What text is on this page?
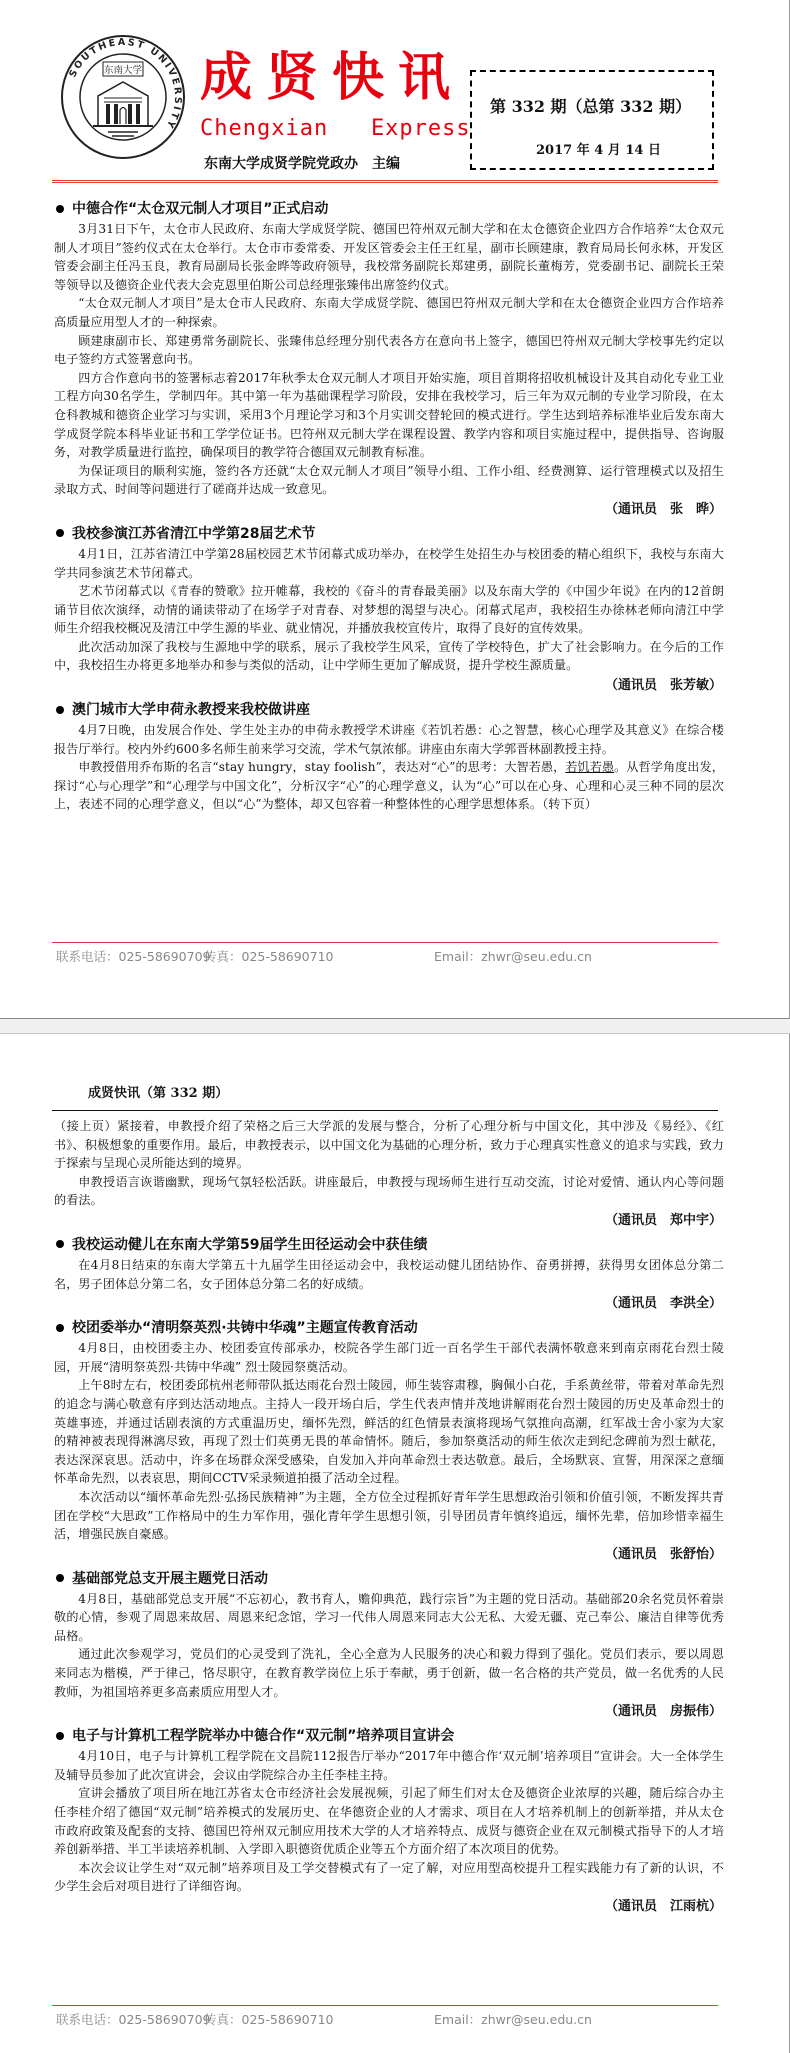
SOUTHEAST UNIVERSITY
东南大学 成贤快讯
Chengxian   Express
东南大学成贤学院党政办　主编
第 332 期（总第 332 期）
2017 年 4 月 14 日
中德合作“太仓双元制人才项目”正式启动

3月31日下午，太仓市人民政府、东南大学成贤学院、德国巴符州双元制大学和在太仓德资企业四方合作培养“太仓双元制人才项目”签约仪式在太仓举行。太仓市市委常委、开发区管委会主任王红星，副市长顾建康，教育局局长何永林，开发区管委会副主任冯玉良，教育局副局长张金晔等政府领导，我校常务副院长郑建勇，副院长董梅芳，党委副书记、副院长王荣等领导以及德资企业代表大会克恩里伯斯公司总经理张臻伟出席签约仪式。

“太仓双元制人才项目”是太仓市人民政府、东南大学成贤学院、德国巴符州双元制大学和在太仓德资企业四方合作培养高质量应用型人才的一种探索。

顾建康副市长、郑建勇常务副院长、张臻伟总经理分别代表各方在意向书上签字，德国巴符州双元制大学校事先约定以电子签约方式签署意向书。

四方合作意向书的签署标志着2017年秋季太仓双元制人才项目开始实施，项目首期将招收机械设计及其自动化专业工业工程方向30名学生，学制四年。其中第一年为基础课程学习阶段，安排在我校学习，后三年为双元制的专业学习阶段，在太仓科教城和德资企业学习与实训，采用3个月理论学习和3个月实训交替轮回的模式进行。学生达到培养标准毕业后发东南大学成贤学院本科毕业证书和工学学位证书。巴符州双元制大学在课程设置、教学内容和项目实施过程中，提供指导、咨询服务，对教学质量进行监控，确保项目的教学符合德国双元制教育标准。

为保证项目的顺利实施，签约各方还就“太仓双元制人才项目”领导小组、工作小组、经费测算、运行管理模式以及招生录取方式、时间等问题进行了磋商并达成一致意见。

（通讯员　张　晔）
我校参演江苏省清江中学第28届艺术节

4月1日，江苏省清江中学第28届校园艺术节闭幕式成功举办，在校学生处招生办与校团委的精心组织下，我校与东南大学共同参演艺术节闭幕式。

艺术节闭幕式以《青春的赞歌》拉开帷幕，我校的《奋斗的青春最美丽》以及东南大学的《中国少年说》在内的12首朗诵节目依次演绎，动情的诵读带动了在场学子对青春、对梦想的渴望与决心。闭幕式尾声，我校招生办徐林老师向清江中学师生介绍我校概况及清江中学生源的毕业、就业情况，并播放我校宣传片，取得了良好的宣传效果。

此次活动加深了我校与生源地中学的联系，展示了我校学生风采，宣传了学校特色，扩大了社会影响力。在今后的工作中，我校招生办将更多地举办和参与类似的活动，让中学师生更加了解成贤，提升学校生源质量。

（通讯员　张芳敏）
澳门城市大学申荷永教授来我校做讲座

4月7日晚，由发展合作处、学生处主办的申荷永教授学术讲座《若饥若愚：心之智慧，核心心理学及其意义》在综合楼报告厅举行。校内外约600多名师生前来学习交流，学术气氛浓郁。讲座由东南大学郭晋林副教授主持。

申教授借用乔布斯的名言“stay hungry，stay foolish”，表达对“心”的思考：大智若愚，若饥若愚。从哲学角度出发，探讨“心与心理学”和“心理学与中国文化”，分析汉字“心”的心理学意义，认为“心”可以在心身、心理和心灵三种不同的层次上，表述不同的心理学意义，但以“心”为整体，却又包容着一种整体性的心理学思想体系。（转下页）

联系电话：025-58690709传真：025-58690710	Email：zhwr@seu.edu.cn
成贤快讯（第 332 期）

（接上页）紧接着，申教授介绍了荣格之后三大学派的发展与整合，分析了心理分析与中国文化，其中涉及《易经》、《红书》、积极想象的重要作用。最后，申教授表示，以中国文化为基础的心理分析，致力于心理真实性意义的追求与实践，致力于探索与呈现心灵所能达到的境界。

申教授语言诙谐幽默，现场气氛轻松活跃。讲座最后，申教授与现场师生进行互动交流，讨论对爱情、通认内心等问题的看法。

（通讯员　郑中宇）
我校运动健儿在东南大学第59届学生田径运动会中获佳绩

在4月8日结束的东南大学第五十九届学生田径运动会中，我校运动健儿团结协作、奋勇拼搏，获得男女团体总分第二名，男子团体总分第二名，女子团体总分第二名的好成绩。

（通讯员　李洪全）
校团委举办“清明祭英烈·共铸中华魂”主题宣传教育活动

4月8日，由校团委主办、校团委宣传部承办，校院各学生部门近一百名学生干部代表满怀敬意来到南京雨花台烈士陵园，开展“清明祭英烈·共铸中华魂” 烈士陵园祭奠活动。

上午8时左右，校团委邱杭州老师带队抵达雨花台烈士陵园，师生装容肃穆，胸佩小白花，手系黄丝带，带着对革命先烈的追念与满心敬意有序到达活动地点。主持人一段开场白后，学生代表声情并茂地讲解雨花台烈士陵园的历史及革命烈士的英雄事迹，并通过话剧表演的方式重温历史，缅怀先烈，鲜活的红色情景表演将现场气氛推向高潮，红军战士舍小家为大家的精神被表现得淋漓尽致，再现了烈士们英勇无畏的革命情怀。随后，参加祭奠活动的师生依次走到纪念碑前为烈士献花，表达深深哀思。活动中，许多在场群众深受感染，自发加入并向革命烈士表达敬意。最后，全场默哀、宣誓，用深深之意缅怀革命先烈，以表哀思，期间CCTV采录频道拍摄了活动全过程。

本次活动以“缅怀革命先烈·弘扬民族精神”为主题，全方位全过程抓好青年学生思想政治引领和价值引领，不断发挥共青团在学校“大思政”工作格局中的生力军作用，强化青年学生思想引领，引导团员青年慎终追远，缅怀先辈，倍加珍惜幸福生活，增强民族自豪感。

（通讯员　张舒怡）
基础部党总支开展主题党日活动

4月8日，基础部党总支开展“不忘初心，教书育人，赡仰典范，践行宗旨”为主题的党日活动。基础部20余名党员怀着崇敬的心情，参观了周恩来故居、周恩来纪念馆，学习一代伟人周恩来同志大公无私、大爱无疆、克己奉公、廉洁自律等优秀品格。

通过此次参观学习，党员们的心灵受到了洗礼，全心全意为人民服务的决心和毅力得到了强化。党员们表示，要以周恩来同志为楷模，严于律己，恪尽职守，在教育教学岗位上乐于奉献，勇于创新，做一名合格的共产党员，做一名优秀的人民教师，为祖国培养更多高素质应用型人才。

（通讯员　房振伟）
电子与计算机工程学院举办中德合作“双元制”培养项目宣讲会

4月10日，电子与计算机工程学院在文昌院112报告厅举办“2017年中德合作‘双元制’培养项目”宣讲会。大一全体学生及辅导员参加了此次宣讲会，会议由学院综合办主任李桂主持。

宣讲会播放了项目所在地江苏省太仓市经济社会发展视频，引起了师生们对太仓及德资企业浓厚的兴趣，随后综合办主任李桂介绍了德国“双元制”培养模式的发展历史、在华德资企业的人才需求、项目在人才培养机制上的创新举措，并从太仓市政府政策及配套的支持、德国巴符州双元制应用技术大学的人才培养特点、成贤与德资企业在双元制模式指导下的人才培养创新举措、半工半读培养机制、入学即入职德资优质企业等五个方面介绍了本次项目的优势。

本次会议让学生对“双元制”培养项目及工学交替模式有了一定了解，对应用型高校提升工程实践能力有了新的认识，不少学生会后对项目进行了详细咨询。

（通讯员　江雨杭）
联系电话：025-58690709传真：025-58690710	Email：zhwr@seu.edu.cn
